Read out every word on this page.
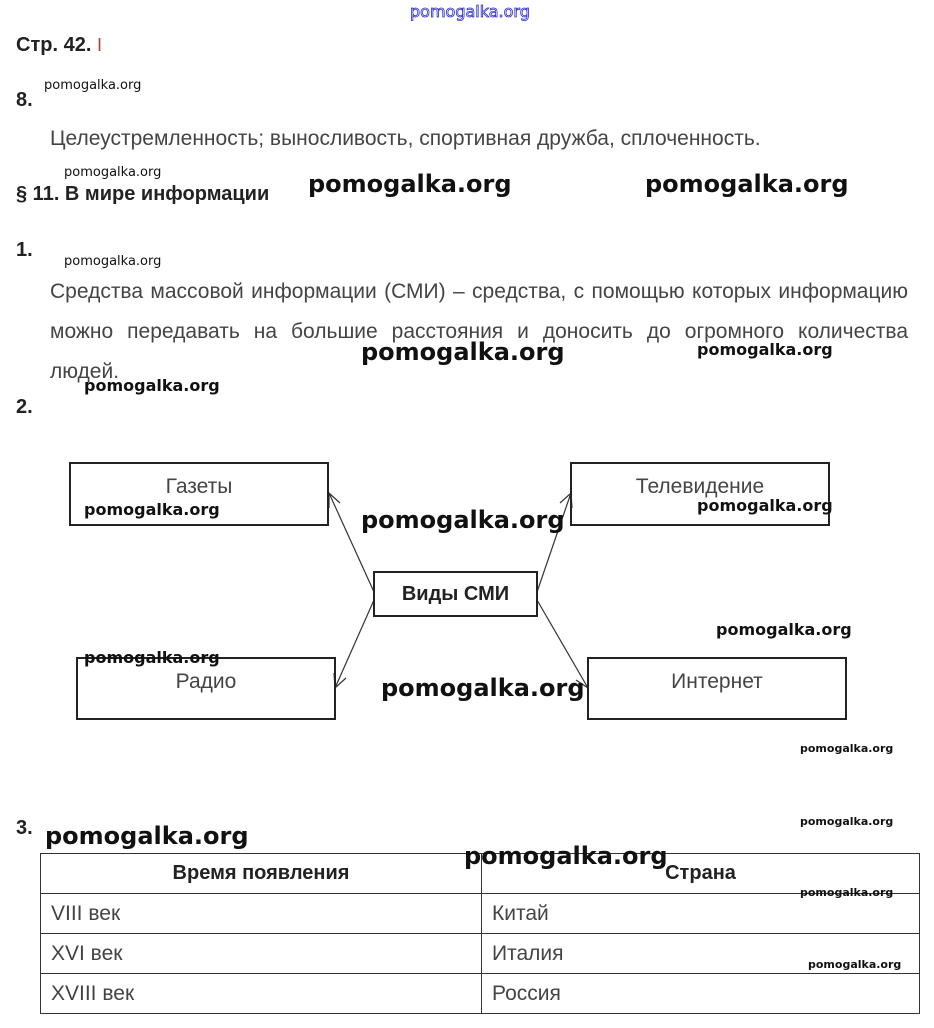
pomogalka.org
Стр. 42. I
8.
Целеустремленность; выносливость, спортивная дружба, сплоченность.
§ 11. В мире информации
1.
Средства массовой информации (СМИ) – средства, с помощью которых информацию можно передавать на большие расстояния и доносить до огромного количества людей.
2.
Газеты	Телевидение
Виды СМИ
Радио	Интернет
3.
Время появления	Страна
VIII век	Китай
XVI век	Италия
XVIII век	Россия
pomogalka.org
pomogalka.org
pomogalka.org
pomogalka.org	pomogalka.org
pomogalka.org	pomogalka.org
pomogalka.org
pomogalka.org	pomogalka.org
pomogalka.org
pomogalka.org
pomogalka.org
pomogalka.org
pomogalka.org
pomogalka.org
pomogalka.org
pomogalka.org
pomogalka.org
pomogalka.org
